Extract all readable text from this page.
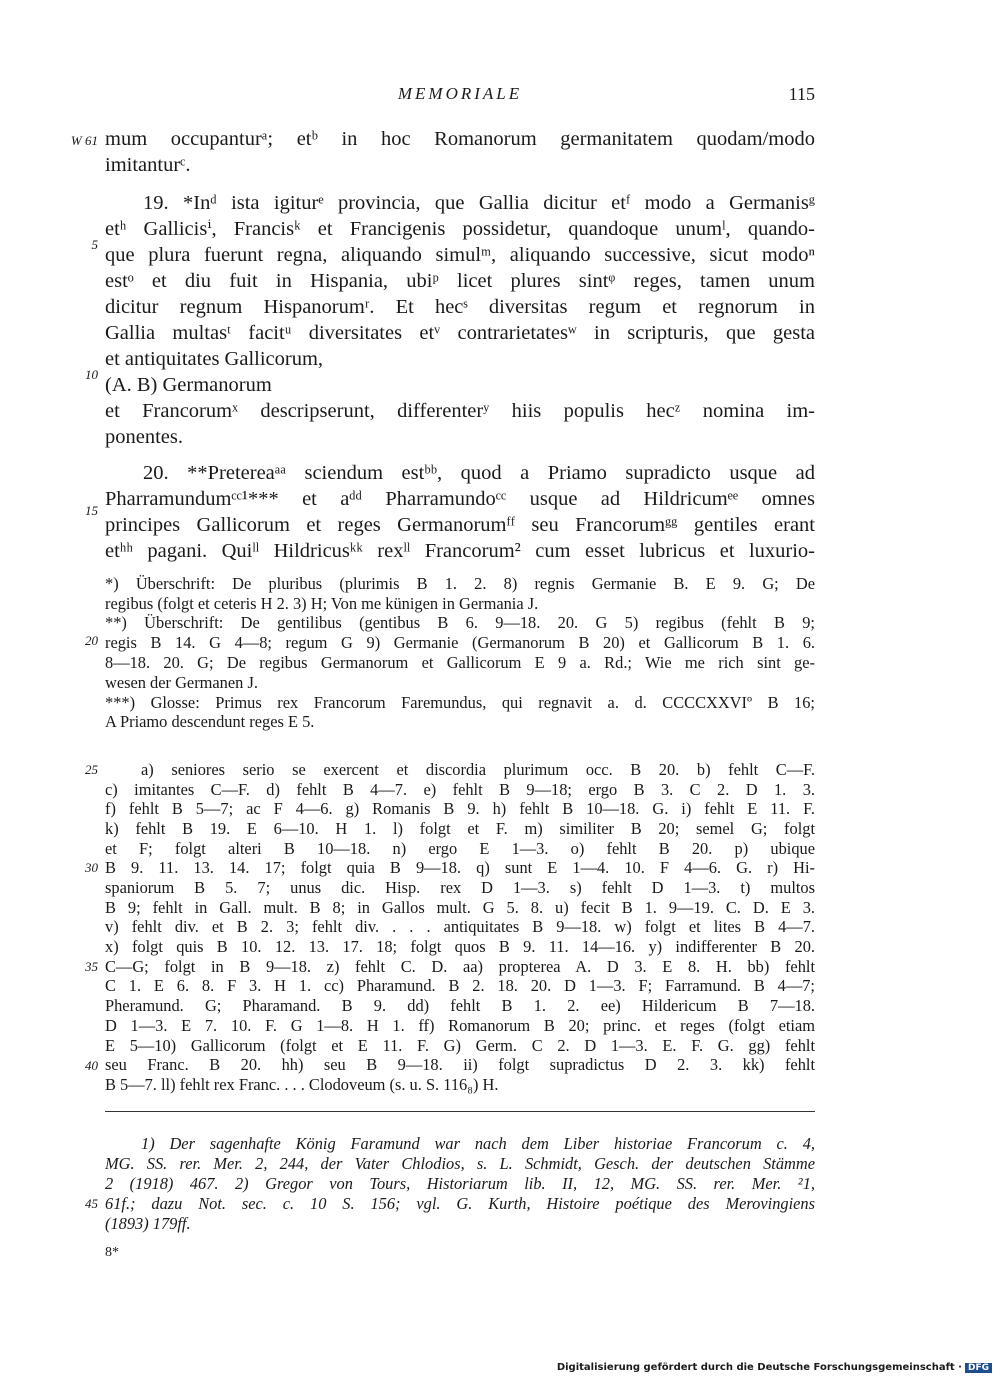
MEMORIALE	115
W 61
5
10
15
20
25
30
35
40
45
mum occupanturᵃ; etᵇ in hoc Romanorum germanitatem quodam/modo
imitanturᶜ.
19. *Inᵈ ista igiturᵉ provincia, que Gallia dicitur etᶠ modo a Germanisᵍ
etʰ Gallicisⁱ, Francisᵏ et Francigenis possidetur, quandoque unumˡ, quando-
que plura fuerunt regna, aliquando simulᵐ, aliquando successive, sicut modoⁿ
estᵒ et diu fuit in Hispania, ubiᵖ licet plures sintᵠ reges, tamen unum
dicitur regnum Hispanorumʳ. Et hecˢ diversitas regum et regnorum in
Gallia multasᵗ facitᵘ diversitates etᵛ contrarietatesʷ in scripturis, que gesta
et antiquitates Gallicorum,
(A. B) Germanorum
et Francorumˣ descripserunt, differenterʸ hiis populis hecᶻ nomina im-
ponentes.
20. **Pretereaᵃᵃ sciendum estᵇᵇ, quod a Priamo supradicto usque ad
Pharramundumᶜᶜ¹*** et aᵈᵈ Pharramundoᶜᶜ usque ad Hildricumᵉᵉ omnes
principes Gallicorum et reges Germanorumᶠᶠ seu Francorumᵍᵍ gentiles erant
etʰʰ pagani. Quiˡˡ Hildricusᵏᵏ rexˡˡ Francorum² cum esset lubricus et luxurio-
*) Überschrift: De pluribus (plurimis B 1. 2. 8) regnis Germanie B. E 9. G; De
regibus (folgt et ceteris H 2. 3) H; Von me künigen in Germania J.
**) Überschrift: De gentilibus (gentibus B 6. 9—18. 20. G 5) regibus (fehlt B 9;
regis B 14. G 4—8; regum G 9) Germanie (Germanorum B 20) et Gallicorum B 1. 6.
8—18. 20. G; De regibus Germanorum et Gallicorum E 9 a. Rd.; Wie me rich sint ge-
wesen der Germanen J.
***) Glosse: Primus rex Francorum Faremundus, qui regnavit a. d. CCCCXXVIº B 16;
A Priamo descendunt reges E 5.
a) seniores serio se exercent et discordia plurimum occ. B 20. b) fehlt C—F.
c) imitantes C—F. d) fehlt B 4—7. e) fehlt B 9—18; ergo B 3. C 2. D 1. 3.
f) fehlt B 5—7; ac F 4—6. g) Romanis B 9. h) fehlt B 10—18. G. i) fehlt E 11. F.
k) fehlt B 19. E 6—10. H 1. l) folgt et F. m) similiter B 20; semel G; folgt
et F; folgt alteri B 10—18. n) ergo E 1—3. o) fehlt B 20. p) ubique
B 9. 11. 13. 14. 17; folgt quia B 9—18. q) sunt E 1—4. 10. F 4—6. G. r) Hi-
spaniorum B 5. 7; unus dic. Hisp. rex D 1—3. s) fehlt D 1—3. t) multos
B 9; fehlt in Gall. mult. B 8; in Gallos mult. G 5. 8. u) fecit B 1. 9—19. C. D. E 3.
v) fehlt div. et B 2. 3; fehlt div. . . . antiquitates B 9—18. w) folgt et lites B 4—7.
x) folgt quis B 10. 12. 13. 17. 18; folgt quos B 9. 11. 14—16. y) indifferenter B 20.
C—G; folgt in B 9—18. z) fehlt C. D. aa) propterea A. D 3. E 8. H. bb) fehlt
C 1. E 6. 8. F 3. H 1. cc) Pharamund. B 2. 18. 20. D 1—3. F; Farramund. B 4—7;
Pheramund. G; Pharamand. B 9. dd) fehlt B 1. 2. ee) Hildericum B 7—18.
D 1—3. E 7. 10. F. G 1—8. H 1. ff) Romanorum B 20; princ. et reges (folgt etiam
E 5—10) Gallicorum (folgt et E 11. F. G) Germ. C 2. D 1—3. E. F. G. gg) fehlt
seu Franc. B 20. hh) seu B 9—18. ii) folgt supradictus D 2. 3. kk) fehlt
B 5—7. ll) fehlt rex Franc. . . . Clodoveum (s. u. S. 116₈) H.
1) Der sagenhafte König Faramund war nach dem Liber historiae Francorum c. 4,
MG. SS. rer. Mer. 2, 244, der Vater Chlodios, s. L. Schmidt, Gesch. der deutschen Stämme
2 (1918) 467. 2) Gregor von Tours, Historiarum lib. II, 12, MG. SS. rer. Mer. ²1,
61f.; dazu Not. sec. c. 10 S. 156; vgl. G. Kurth, Histoire poétique des Merovingiens
(1893) 179ff.
8*
Digitalisierung gefördert durch die Deutsche Forschungsgemeinschaft · DFG
